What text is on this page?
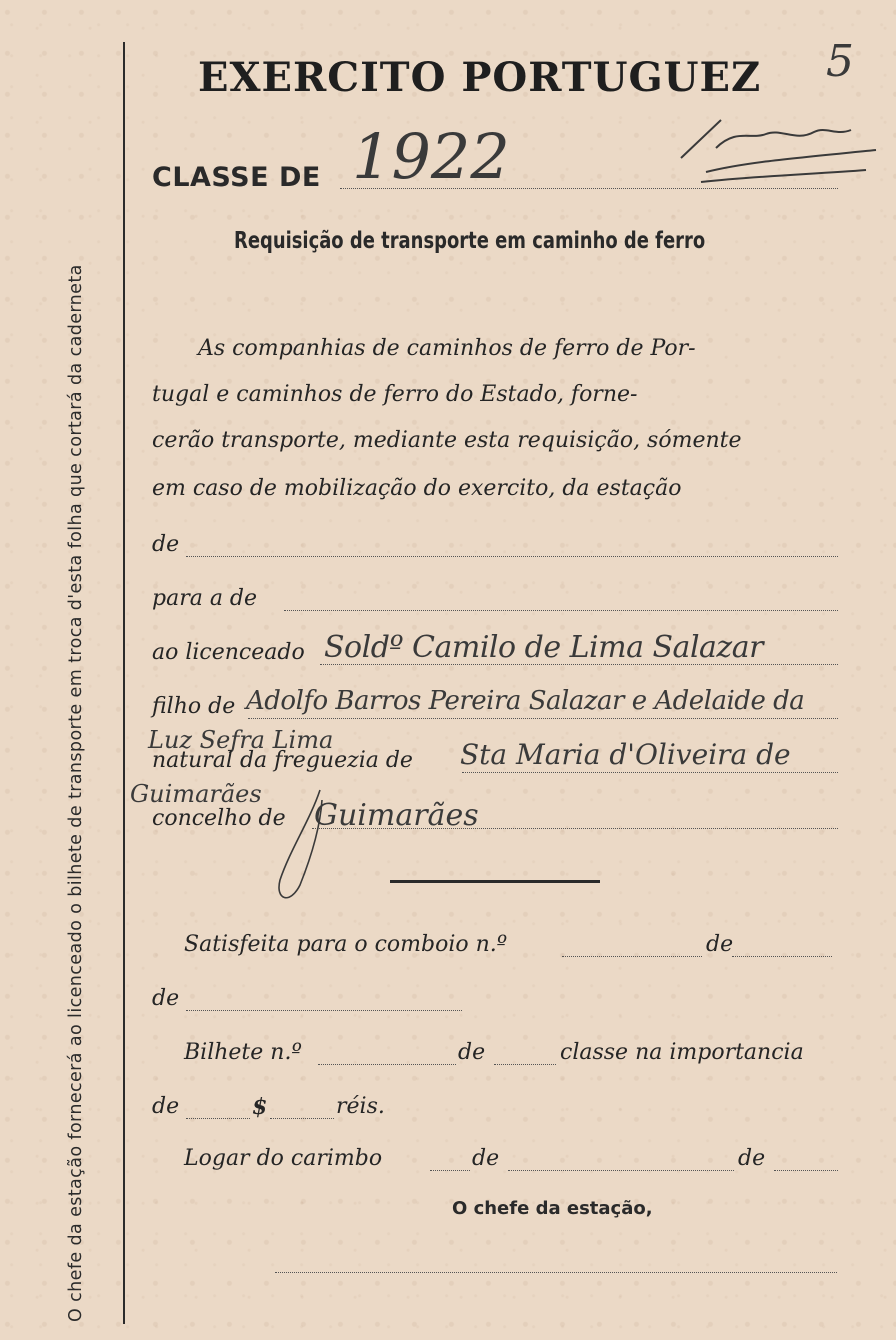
O chefe da estação fornecerá ao licenceado o bilhete de transporte em troca d'esta folha que cortará da caderneta
EXERCITO PORTUGUEZ 5
CLASSE DE 1922
Requisição de transporte em caminho de ferro
As companhias de caminhos de ferro de Por-
tugal e caminhos de ferro do Estado, forne-
cerão transporte, mediante esta requisição, sómente
em caso de mobilização do exercito, da estação
de
para a de
ao licenceado Soldº Camilo de Lima Salazar
filho de Adolfo Barros Pereira Salazar e Adelaide da
Luz Sefra Lima
natural da freguezia de Sta Maria d'Oliveira de
Guimarães
concelho de Guimarães
Satisfeita para o comboio n.º	de
de
Bilhete n.º	de	classe na importancia
de	$	réis.
Logar do carimbo	de	de
O chefe da estação,
